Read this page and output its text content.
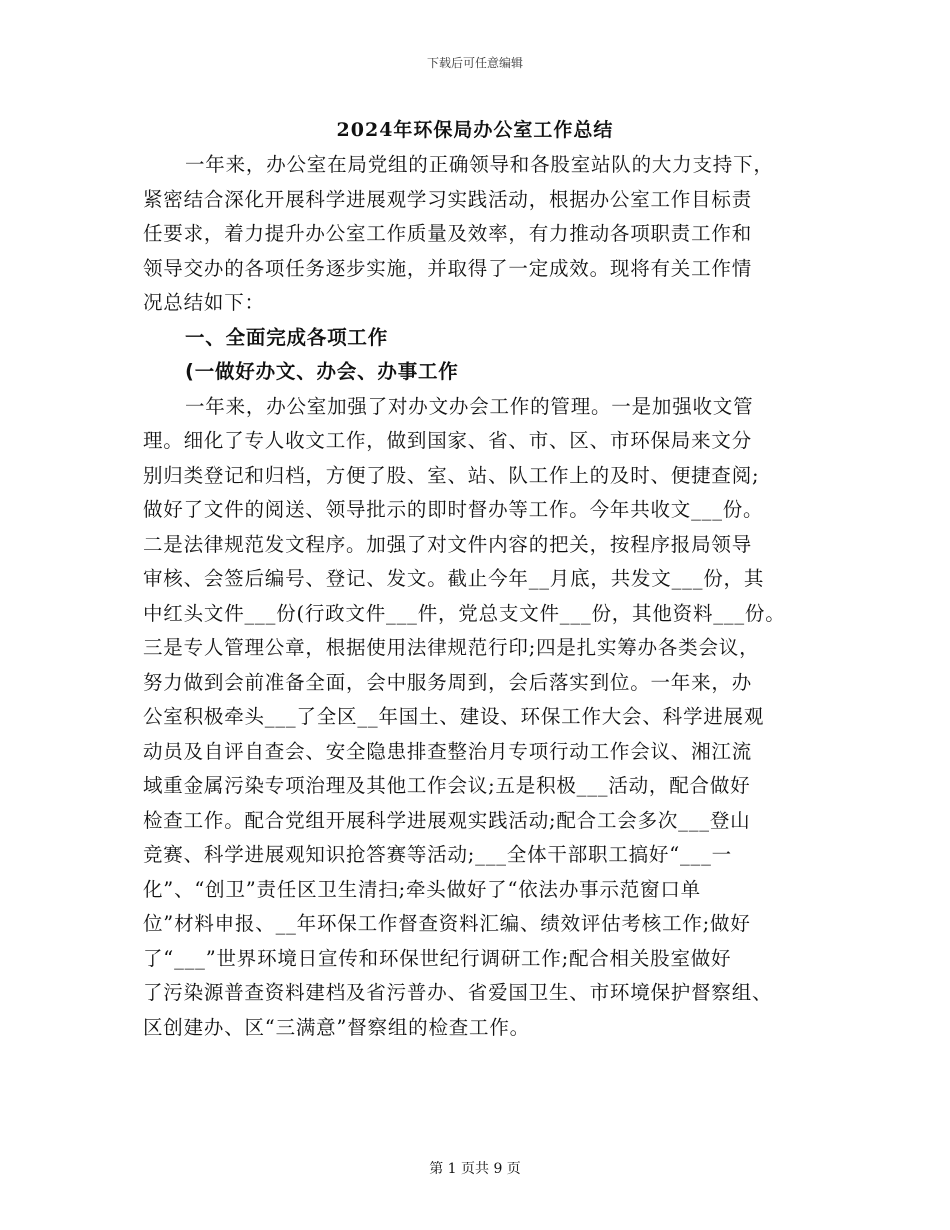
下载后可任意编辑
2024年环保局办公室工作总结
一年来，办公室在局党组的正确领导和各股室站队的大力支持下，
紧密结合深化开展科学进展观学习实践活动，根据办公室工作目标责
任要求，着力提升办公室工作质量及效率，有力推动各项职责工作和
领导交办的各项任务逐步实施，并取得了一定成效。现将有关工作情
况总结如下：
一、全面完成各项工作
(一做好办文、办会、办事工作
一年来，办公室加强了对办文办会工作的管理。一是加强收文管
理。细化了专人收文工作，做到国家、省、市、区、市环保局来文分
别归类登记和归档，方便了股、室、站、队工作上的及时、便捷查阅;
做好了文件的阅送、领导批示的即时督办等工作。今年共收文___份。
二是法律规范发文程序。加强了对文件内容的把关，按程序报局领导
审核、会签后编号、登记、发文。截止今年__月底，共发文___份，其
中红头文件___份(行政文件___件，党总支文件___份，其他资料___份。
三是专人管理公章，根据使用法律规范行印;四是扎实筹办各类会议，
努力做到会前准备全面，会中服务周到，会后落实到位。一年来，办
公室积极牵头___了全区__年国土、建设、环保工作大会、科学进展观
动员及自评自查会、安全隐患排查整治月专项行动工作会议、湘江流
域重金属污染专项治理及其他工作会议;五是积极___活动，配合做好
检查工作。配合党组开展科学进展观实践活动;配合工会多次___登山
竞赛、科学进展观知识抢答赛等活动;___全体干部职工搞好“___一
化”、“创卫”责任区卫生清扫;牵头做好了“依法办事示范窗口单
位”材料申报、__年环保工作督查资料汇编、绩效评估考核工作;做好
了“___”世界环境日宣传和环保世纪行调研工作;配合相关股室做好
了污染源普查资料建档及省污普办、省爱国卫生、市环境保护督察组、
区创建办、区“三满意”督察组的检查工作。
第 1 页共 9 页
